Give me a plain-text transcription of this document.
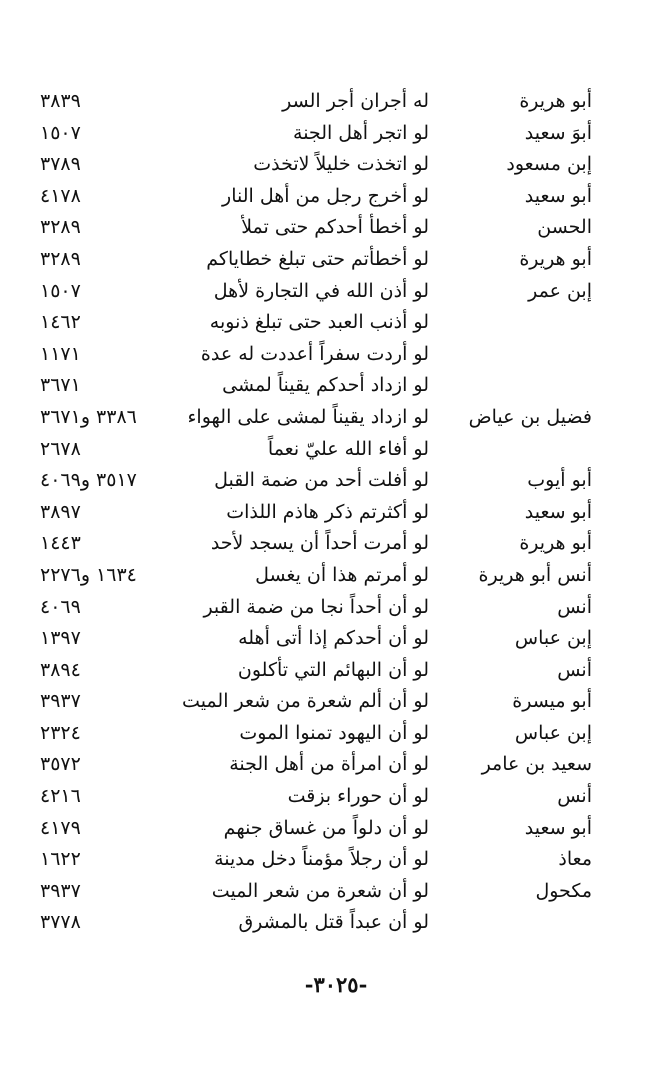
أبو هريرة
له أجران أجر السر
٣٨٣٩
أبوَ سعيد
لو اتجر أهل الجنة
١٥٠٧
إبن مسعود
لو اتخذت خليلاً لاتخذت
٣٧٨٩
أبو سعيد
لو أخرج رجل من أهل النار
٤١٧٨
الحسن
لو أخطأ أحدكم حتى تملأ
٣٢٨٩
أبو هريرة
لو أخطأتم حتى تبلغ خطاياكم
٣٢٨٩
إبن عمر
لو أذن الله في التجارة لأهل
١٥٠٧
لو أذنب العبد حتى تبلغ ذنوبه
١٤٦٢
لو أردت سفراً أعددت له عدة
١١٧١
لو ازداد أحدكم يقيناً لمشى
٣٦٧١
فضيل بن عياض
لو ازداد يقيناً لمشى على الهواء
٣٣٨٦ و٣٦٧١
لو أفاء الله عليّ نعماً
٢٦٧٨
أبو أيوب
لو أفلت أحد من ضمة القبل
٣٥١٧ و٤٠٦٩
أبو سعيد
لو أكثرتم ذكر هاذم اللذات
٣٨٩٧
أبو هريرة
لو أمرت أحداً أن يسجد لأحد
١٤٤٣
أنس أبو هريرة
لو أمرتم هذا أن يغسل
١٦٣٤ و٢٢٧٦
أنس
لو أن أحداً نجا من ضمة القبر
٤٠٦٩
إبن عباس
لو أن أحدكم إذا أتى أهله
١٣٩٧
أنس
لو أن البهائم التي تأكلون
٣٨٩٤
أبو ميسرة
لو أن ألم شعرة من شعر الميت
٣٩٣٧
إبن عباس
لو أن اليهود تمنوا الموت
٢٣٢٤
سعيد بن عامر
لو أن امرأة من أهل الجنة
٣٥٧٢
أنس
لو أن حوراء بزقت
٤٢١٦
أبو سعيد
لو أن دلواً من غساق جنهم
٤١٧٩
معاذ
لو أن رجلاً مؤمناً دخل مدينة
١٦٢٢
مكحول
لو أن شعرة من شعر الميت
٣٩٣٧
لو أن عبداً قتل بالمشرق
٣٧٧٨
-٣٠٢٥-
